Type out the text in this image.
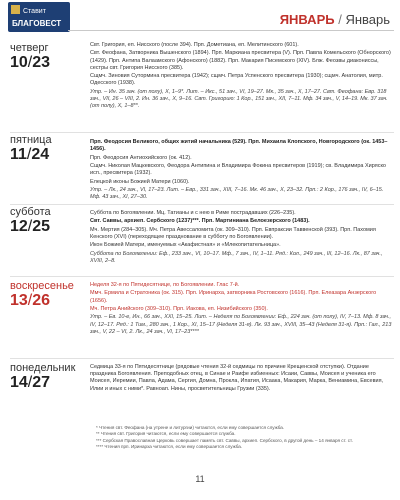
Ставит
БЛАГОВЕСТ	ЯНВАРЬ / Январь
четверг
10/23

Свт. Григория, еп. Нисского (после 394). Прп. Дометиана, еп. Мелитинского (601).

Свт. Феофана, Затворника Вышенского (1894). Прп. Маркиана пресвитера (V). Прп. Павла Комельского (Обнорского) (1429). Прп. Антипа Валаамского (Афонского) (1882). Прп. Макария Писемского (XIV). Блж. Феозвы диакониссы, сестры свт. Григория Нисского (385).

Сщмч. Зиновия Сутормина пресвитера (1942); сщмч. Петра Успенского пресвитера (1930); сщмч. Анатолия, митр. Одесского (1938).

Утр. – Ин. 35 зач. (от полу), X, 1–9*. Лит. – Икс., 51 зач., VI, 19–27. Мк., 35 зач., X, 17–27. Свт. Феофана: Евр. 318 зач., VII, 26 – VIII, 2. Ин. 36 зач., X, 9–16. Свт. Григорию: 1 Кор., 151 зач., XII, 7–11. Мф. 34 зач., V, 14–19. Мк. 37 зач. (от полу), X, 1–8**.

пятница
11/24

Прп. Феодосия Великого, общих житий начальника (529). Прп. Михаила Клопского, Новгородского (ок. 1453–1456).

Прп. Феодосия Антиохийского (ок. 412).

Сщмч. Николая Мацкевского, Феодора Антипина и Владимира Фокина пресвитеров (1919); св. Владимира Хиряско исп., пресвитера (1932).

Елецкой иконы Божией Матери (1060).

Утр. – Лк., 24 зач., VI, 17–23. Лит. – Евр., 331 зач., XIII, 7–16. Мк. 46 зач., X, 23–32. Прп.: 2 Кор., 176 зач., IV, 6–15. Мф. 43 зач., XI, 27–30.

суббота
12/25

Суббота по Богоявлении. Мц. Татианы и с нею в Риме пострадавших (226–235).

Свт. Саввы, архиеп. Сербского (1237)***. Прп. Мартиниана Белоезерского (1483).

Мч. Мертия (284–305). Мч. Петра Авессаломита (ок. 309–310). Прп. Евпраксии Таввенской (393). Прп. Пахомия Кенского (XVI) (переходящее празднование в субботу по Богоявлении).

Икон Божией Матери, именуемых «Акафистная» и «Млекопитательница».

Суббота по Богоявлении: Еф., 233 зач., VI, 10–17. Мф., 7 зач., IV, 1–11. Ряд.: Кол., 249 зач., III, 12–16. Лк., 87 зач., XVIII, 2–8.

воскресенье
13/26

Неделя 32-я по Пятидесятнице, по Богоявлении. Глас 7-й.

Ммч. Ермила и Стратоника (ок. 315). Прп. Иринарха, затворника Ростовского (1616). Прп. Елеазара Анзерского (1656).

Мч. Петра Анийского (309–310). Прп. Иакова, еп. Низибийского (350).

Утр. – Ев. 10-е, Ин., 66 зач., XXI, 15–25. Лит. – Неделя по Богоявлении: Еф., 224 зач. (от полу), IV, 7–13. Мф. 8 зач., IV, 12–17. Ряд.: 1 Тим., 280 зач., 1 Кор., XI, 15–17 (Неделя 31-я). Лк. 93 зач., XVIII, 35–43 (Неделя 31-я). Прп.: Гал., 213 зач., V, 22 – VI, 2. Лк., 24 зач., VI, 17–23****

понедельник
14/27

Седмица 33-я по Пятидесятнице (рядовые чтения 32-й седмицы по причине Крещенской отступки). Отдание праздника Богоявления. Преподобных отец, в Синае и Раифе избиенных: Исаии, Саввы, Моисея и ученика его Моисея, Иеремии, Павла, Адама, Сергия, Домна, Прокла, Ипатия, Исаака, Макария, Марка, Вениамина, Евсевия, Илии и иных с ними*. Равноап. Нины, просветительницы Грузии (335).

* Чтения свт. Феофана (на утрене и литургии) читаются, если ему совершается служба.

** Чтения свт. Григория читаются, если ему совершается служба.

*** Сербская Православная Церковь совершает память свт. Саввы, архиеп. Сербского, в другой день – 14 января ст. ст.

**** Чтения прп. Иринарха читаются, если ему совершается служба.

11
